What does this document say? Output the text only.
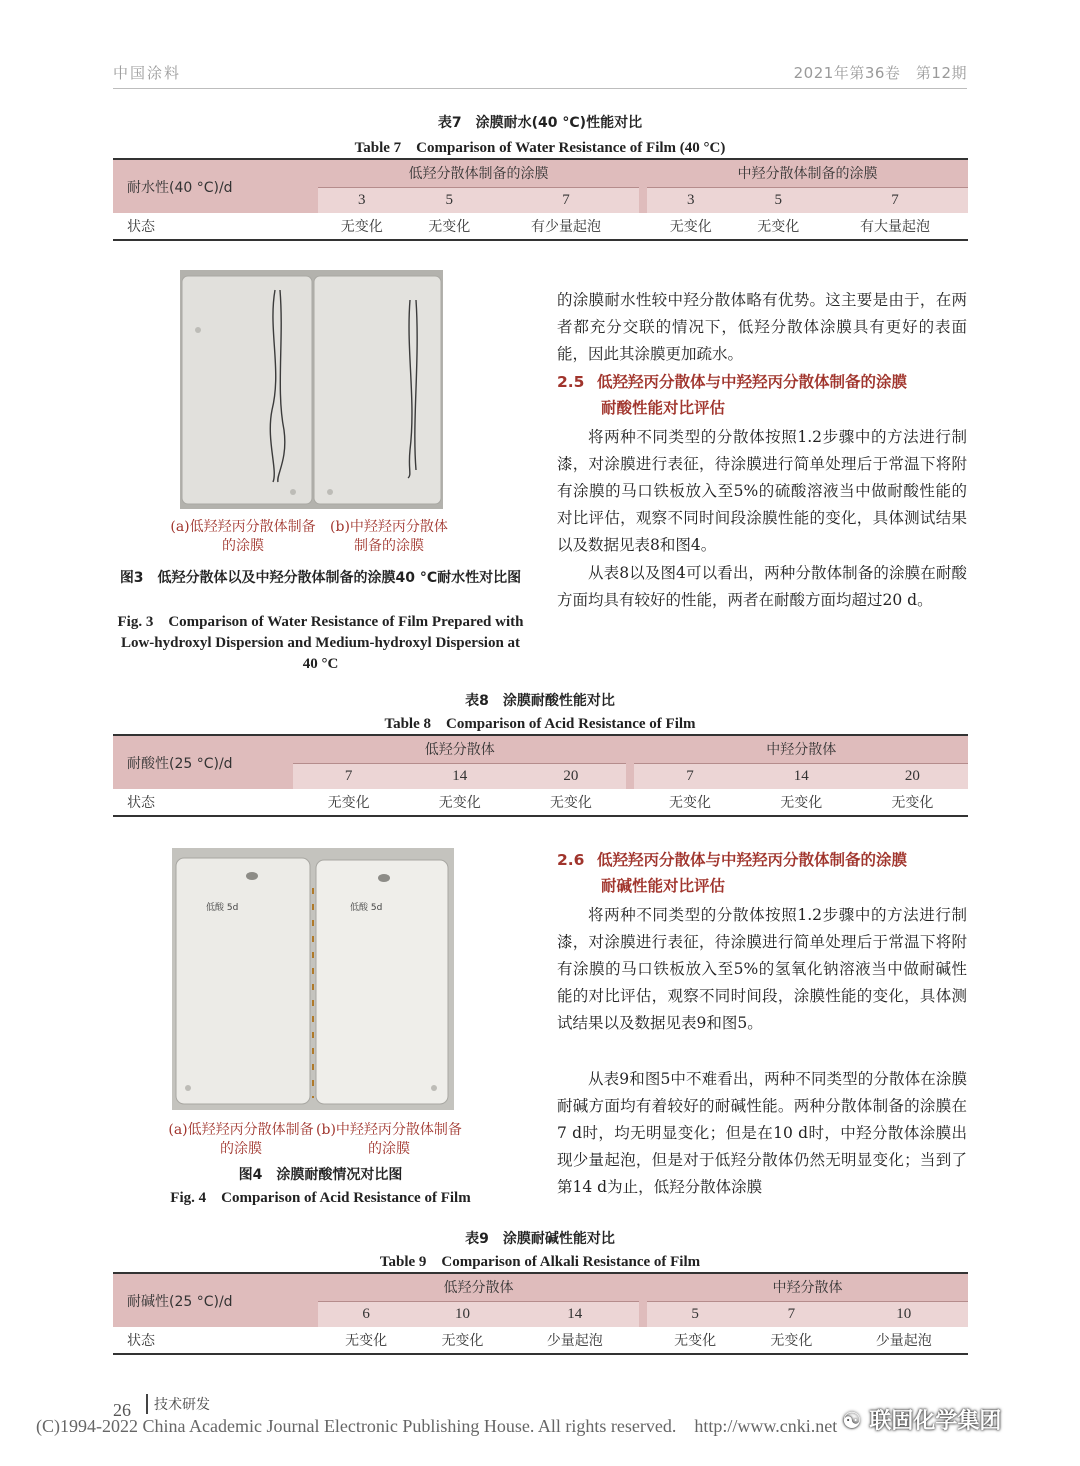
中国涂料	2021年第36卷　第12期
表7　涂膜耐水(40 °C)性能对比
Table 7　Comparison of Water Resistance of Film (40 °C)
耐水性(40 °C)/d	低羟分散体制备的涂膜				中羟分散体制备的涂膜		
	3	5	7		3	5	7
状态	无变化	无变化	有少量起泡		无变化	无变化	有大量起泡
(a)低羟羟丙分散体制备的涂膜
(b)中羟羟丙分散体制备的涂膜
图3　低羟分散体以及中羟分散体制备的涂膜40 °C耐水性对比图
Fig. 3　Comparison of Water Resistance of Film Prepared with Low-hydroxyl Dispersion and Medium-hydroxyl Dispersion at 40 °C
的涂膜耐水性较中羟分散体略有优势。这主要是由于，在两者都充分交联的情况下，低羟分散体涂膜具有更好的表面能，因此其涂膜更加疏水。
2.5 低羟羟丙分散体与中羟羟丙分散体制备的涂膜
耐酸性能对比评估
将两种不同类型的分散体按照1.2步骤中的方法进行制漆，对涂膜进行表征，待涂膜进行简单处理后于常温下将附有涂膜的马口铁板放入至5%的硫酸溶液当中做耐酸性能的对比评估，观察不同时间段涂膜性能的变化，具体测试结果以及数据见表8和图4。
从表8以及图4可以看出，两种分散体制备的涂膜在耐酸方面均具有较好的性能，两者在耐酸方面均超过20 d。
表8　涂膜耐酸性能对比
Table 8　Comparison of Acid Resistance of Film
耐酸性(25 °C)/d	低羟分散体				中羟分散体		
	7	14	20		7	14	20
状态	无变化	无变化	无变化		无变化	无变化	无变化
低酸 5d	低酸 5d
(a)低羟羟丙分散体制备的涂膜
(b)中羟羟丙分散体制备的涂膜
图4　涂膜耐酸情况对比图
Fig. 4　Comparison of Acid Resistance of Film
2.6 低羟羟丙分散体与中羟羟丙分散体制备的涂膜
耐碱性能对比评估
将两种不同类型的分散体按照1.2步骤中的方法进行制漆，对涂膜进行表征，待涂膜进行简单处理后于常温下将附有涂膜的马口铁板放入至5%的氢氧化钠溶液当中做耐碱性能的对比评估，观察不同时间段，涂膜性能的变化，具体测试结果以及数据见表9和图5。
从表9和图5中不难看出，两种不同类型的分散体在涂膜耐碱方面均有着较好的耐碱性能。两种分散体制备的涂膜在7 d时，均无明显变化；但是在10 d时，中羟分散体涂膜出现少量起泡，但是对于低羟分散体仍然无明显变化；当到了第14 d为止，低羟分散体涂膜
表9　涂膜耐碱性能对比
Table 9　Comparison of Alkali Resistance of Film
耐碱性(25 °C)/d	低羟分散体				中羟分散体		
	6	10	14		5	7	10
状态	无变化	无变化	少量起泡		无变化	无变化	少量起泡
26	技术研发
(C)1994-2022 China Academic Journal Electronic Publishing House. All rights reserved.　http://www.cnki.net ☯ 联固化学集团
